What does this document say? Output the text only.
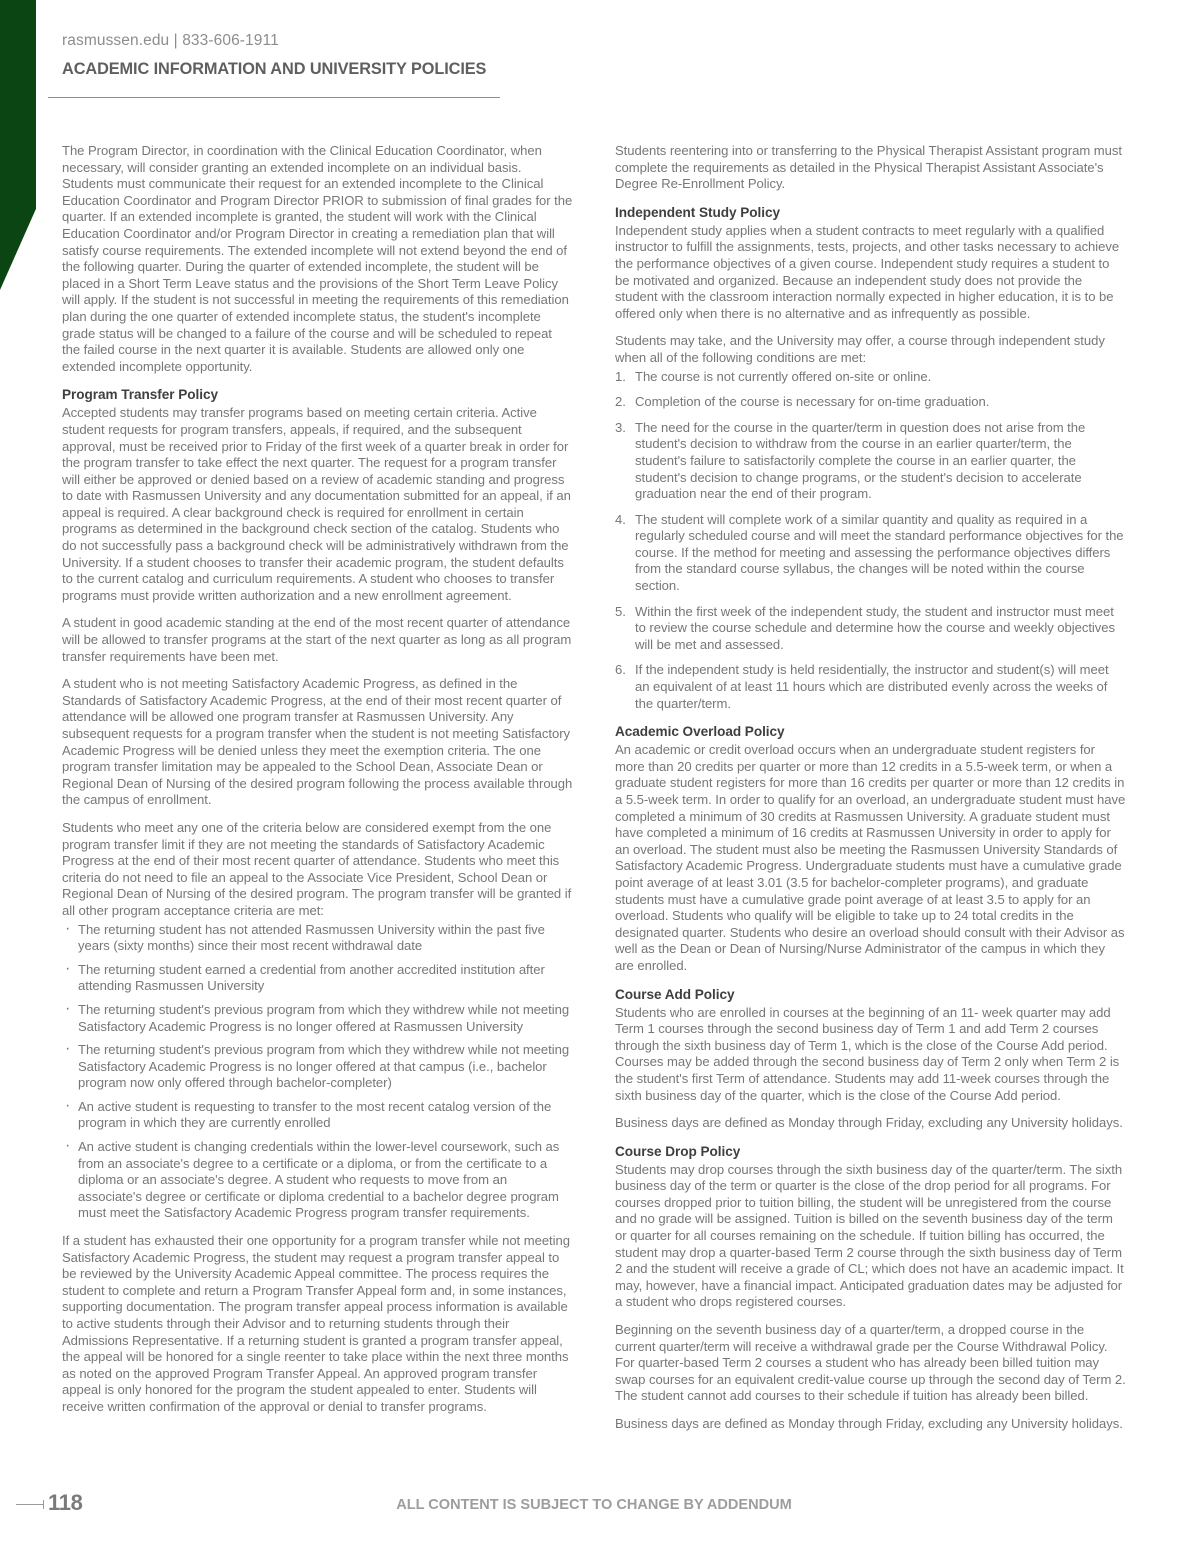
rasmussen.edu | 833-606-1911
ACADEMIC INFORMATION AND UNIVERSITY POLICIES

The Program Director, in coordination with the Clinical Education Coordinator, when necessary, will consider granting an extended incomplete on an individual basis. Students must communicate their request for an extended incomplete to the Clinical Education Coordinator and Program Director PRIOR to submission of final grades for the quarter. If an extended incomplete is granted, the student will work with the Clinical Education Coordinator and/or Program Director in creating a remediation plan that will satisfy course requirements. The extended incomplete will not extend beyond the end of the following quarter. During the quarter of extended incomplete, the student will be placed in a Short Term Leave status and the provisions of the Short Term Leave Policy will apply. If the student is not successful in meeting the requirements of this remediation plan during the one quarter of extended incomplete status, the student's incomplete grade status will be changed to a failure of the course and will be scheduled to repeat the failed course in the next quarter it is available. Students are allowed only one extended incomplete opportunity.

Program Transfer Policy

Accepted students may transfer programs based on meeting certain criteria. Active student requests for program transfers, appeals, if required, and the subsequent approval, must be received prior to Friday of the first week of a quarter break in order for the program transfer to take effect the next quarter. The request for a program transfer will either be approved or denied based on a review of academic standing and progress to date with Rasmussen University and any documentation submitted for an appeal, if an appeal is required. A clear background check is required for enrollment in certain programs as determined in the background check section of the catalog. Students who do not successfully pass a background check will be administratively withdrawn from the University. If a student chooses to transfer their academic program, the student defaults to the current catalog and curriculum requirements. A student who chooses to transfer programs must provide written authorization and a new enrollment agreement.

A student in good academic standing at the end of the most recent quarter of attendance will be allowed to transfer programs at the start of the next quarter as long as all program transfer requirements have been met.

A student who is not meeting Satisfactory Academic Progress, as defined in the Standards of Satisfactory Academic Progress, at the end of their most recent quarter of attendance will be allowed one program transfer at Rasmussen University. Any subsequent requests for a program transfer when the student is not meeting Satisfactory Academic Progress will be denied unless they meet the exemption criteria. The one program transfer limitation may be appealed to the School Dean, Associate Dean or Regional Dean of Nursing of the desired program following the process available through the campus of enrollment.

Students who meet any one of the criteria below are considered exempt from the one program transfer limit if they are not meeting the standards of Satisfactory Academic Progress at the end of their most recent quarter of attendance. Students who meet this criteria do not need to file an appeal to the Associate Vice President, School Dean or Regional Dean of Nursing of the desired program. The program transfer will be granted if all other program acceptance criteria are met:

· The returning student has not attended Rasmussen University within the past five years (sixty months) since their most recent withdrawal date
· The returning student earned a credential from another accredited institution after attending Rasmussen University
· The returning student's previous program from which they withdrew while not meeting Satisfactory Academic Progress is no longer offered at Rasmussen University
· The returning student's previous program from which they withdrew while not meeting Satisfactory Academic Progress is no longer offered at that campus (i.e., bachelor program now only offered through bachelor-completer)
· An active student is requesting to transfer to the most recent catalog version of the program in which they are currently enrolled
· An active student is changing credentials within the lower-level coursework, such as from an associate's degree to a certificate or a diploma, or from the certificate to a diploma or an associate's degree. A student who requests to move from an associate's degree or certificate or diploma credential to a bachelor degree program must meet the Satisfactory Academic Progress program transfer requirements.

If a student has exhausted their one opportunity for a program transfer while not meeting Satisfactory Academic Progress, the student may request a program transfer appeal to be reviewed by the University Academic Appeal committee. The process requires the student to complete and return a Program Transfer Appeal form and, in some instances, supporting documentation. The program transfer appeal process information is available to active students through their Advisor and to returning students through their Admissions Representative. If a returning student is granted a program transfer appeal, the appeal will be honored for a single reenter to take place within the next three months as noted on the approved Program Transfer Appeal. An approved program transfer appeal is only honored for the program the student appealed to enter. Students will receive written confirmation of the approval or denial to transfer programs.

Students reentering into or transferring to the Physical Therapist Assistant program must complete the requirements as detailed in the Physical Therapist Assistant Associate's Degree Re-Enrollment Policy.

Independent Study Policy

Independent study applies when a student contracts to meet regularly with a qualified instructor to fulfill the assignments, tests, projects, and other tasks necessary to achieve the performance objectives of a given course. Independent study requires a student to be motivated and organized. Because an independent study does not provide the student with the classroom interaction normally expected in higher education, it is to be offered only when there is no alternative and as infrequently as possible.

Students may take, and the University may offer, a course through independent study when all of the following conditions are met:

The course is not currently offered on-site or online.
Completion of the course is necessary for on-time graduation.
The need for the course in the quarter/term in question does not arise from the student's decision to withdraw from the course in an earlier quarter/term, the student's failure to satisfactorily complete the course in an earlier quarter, the student's decision to change programs, or the student's decision to accelerate graduation near the end of their program.
The student will complete work of a similar quantity and quality as required in a regularly scheduled course and will meet the standard performance objectives for the course. If the method for meeting and assessing the performance objectives differs from the standard course syllabus, the changes will be noted within the course section.
Within the first week of the independent study, the student and instructor must meet to review the course schedule and determine how the course and weekly objectives will be met and assessed.
If the independent study is held residentially, the instructor and student(s) will meet an equivalent of at least 11 hours which are distributed evenly across the weeks of the quarter/term.
Academic Overload Policy

An academic or credit overload occurs when an undergraduate student registers for more than 20 credits per quarter or more than 12 credits in a 5.5-week term, or when a graduate student registers for more than 16 credits per quarter or more than 12 credits in a 5.5-week term. In order to qualify for an overload, an undergraduate student must have completed a minimum of 30 credits at Rasmussen University. A graduate student must have completed a minimum of 16 credits at Rasmussen University in order to apply for an overload. The student must also be meeting the Rasmussen University Standards of Satisfactory Academic Progress. Undergraduate students must have a cumulative grade point average of at least 3.01 (3.5 for bachelor-completer programs), and graduate students must have a cumulative grade point average of at least 3.5 to apply for an overload. Students who qualify will be eligible to take up to 24 total credits in the designated quarter. Students who desire an overload should consult with their Advisor as well as the Dean or Dean of Nursing/Nurse Administrator of the campus in which they are enrolled.

Course Add Policy

Students who are enrolled in courses at the beginning of an 11- week quarter may add Term 1 courses through the second business day of Term 1 and add Term 2 courses through the sixth business day of Term 1, which is the close of the Course Add period. Courses may be added through the second business day of Term 2 only when Term 2 is the student's first Term of attendance. Students may add 11-week courses through the sixth business day of the quarter, which is the close of the Course Add period.

Business days are defined as Monday through Friday, excluding any University holidays.

Course Drop Policy

Students may drop courses through the sixth business day of the quarter/term. The sixth business day of the term or quarter is the close of the drop period for all programs. For courses dropped prior to tuition billing, the student will be unregistered from the course and no grade will be assigned. Tuition is billed on the seventh business day of the term or quarter for all courses remaining on the schedule. If tuition billing has occurred, the student may drop a quarter-based Term 2 course through the sixth business day of Term 2 and the student will receive a grade of CL; which does not have an academic impact. It may, however, have a financial impact. Anticipated graduation dates may be adjusted for a student who drops registered courses.

Beginning on the seventh business day of a quarter/term, a dropped course in the current quarter/term will receive a withdrawal grade per the Course Withdrawal Policy. For quarter-based Term 2 courses a student who has already been billed tuition may swap courses for an equivalent credit-value course up through the second day of Term 2. The student cannot add courses to their schedule if tuition has already been billed.

Business days are defined as Monday through Friday, excluding any University holidays.

118	ALL CONTENT IS SUBJECT TO CHANGE BY ADDENDUM
